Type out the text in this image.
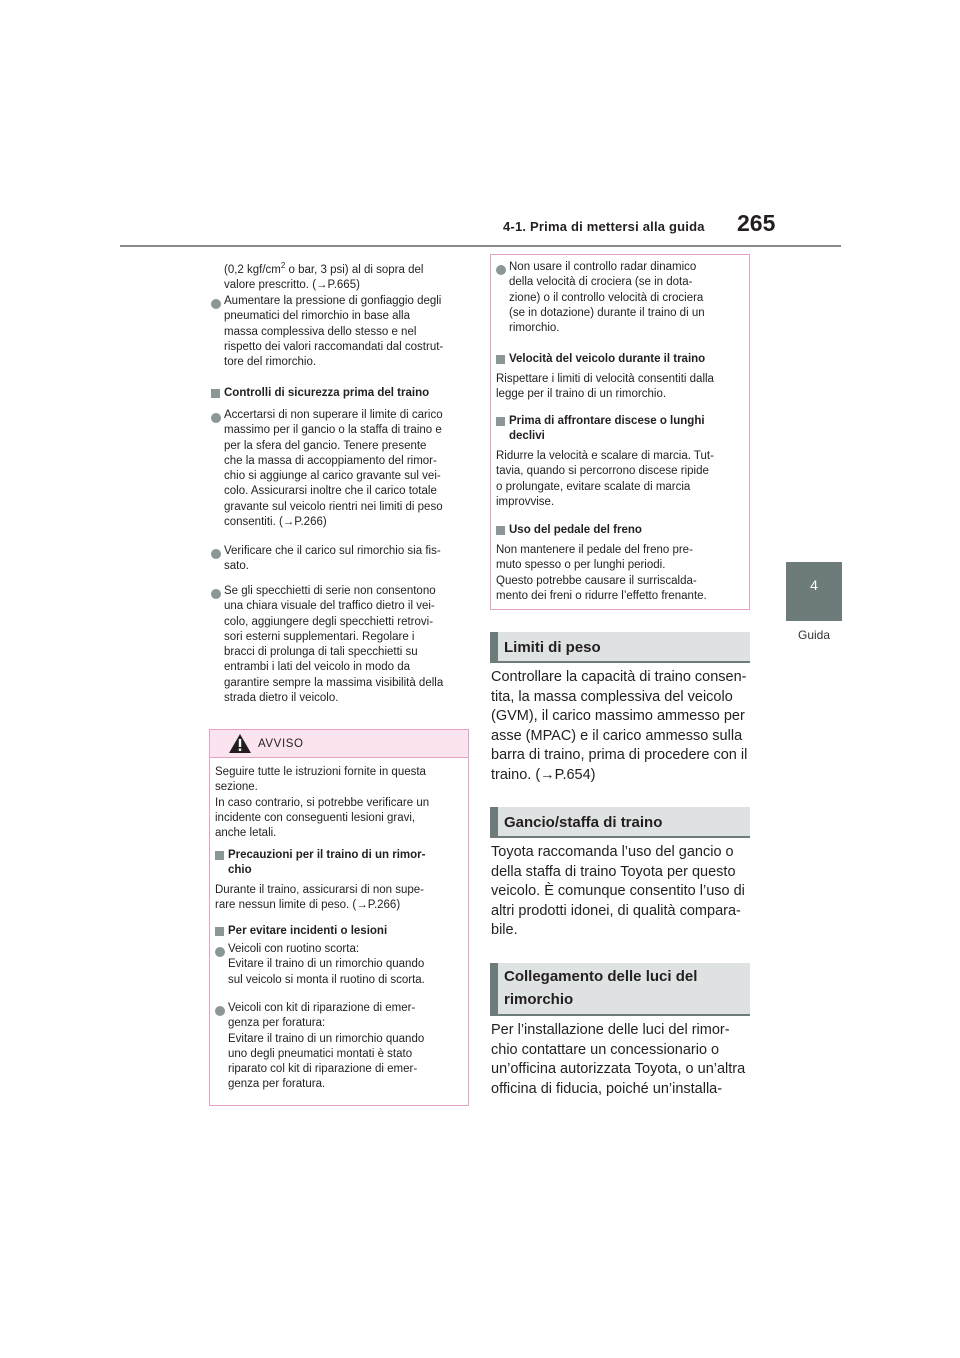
4-1. Prima di mettersi alla guida 265
4
Guida
(0,2 kgf/$cm^2$ o bar, 3 psi) al di sopra del
valore prescritto. (→P.665)
Aumentare la pressione di gonfiaggio degli
pneumatici del rimorchio in base alla
massa complessiva dello stesso e nel
rispetto dei valori raccomandati dal costrut-
tore del rimorchio.
Controlli di sicurezza prima del traino
Accertarsi di non superare il limite di carico
massimo per il gancio o la staffa di traino e
per la sfera del gancio. Tenere presente
che la massa di accoppiamento del rimor-
chio si aggiunge al carico gravante sul vei-
colo. Assicurarsi inoltre che il carico totale
gravante sul veicolo rientri nei limiti di peso
consentiti. (→P.266)
Verificare che il carico sul rimorchio sia fis-
sato.
Se gli specchietti di serie non consentono
una chiara visuale del traffico dietro il vei-
colo, aggiungere degli specchietti retrovi-
sori esterni supplementari. Regolare i
bracci di prolunga di tali specchietti su
entrambi i lati del veicolo in modo da
garantire sempre la massima visibilità della
strada dietro il veicolo.
AVVISO
Seguire tutte le istruzioni fornite in questa
sezione.
In caso contrario, si potrebbe verificare un
incidente con conseguenti lesioni gravi,
anche letali.
Precauzioni per il traino di un rimor-
chio
Durante il traino, assicurarsi di non supe-
rare nessun limite di peso. (→P.266)
Per evitare incidenti o lesioni
Veicoli con ruotino scorta:
Evitare il traino di un rimorchio quando
sul veicolo si monta il ruotino di scorta.
Veicoli con kit di riparazione di emer-
genza per foratura:
Evitare il traino di un rimorchio quando
uno degli pneumatici montati è stato
riparato col kit di riparazione di emer-
genza per foratura.
Non usare il controllo radar dinamico
della velocità di crociera (se in dota-
zione) o il controllo velocità di crociera
(se in dotazione) durante il traino di un
rimorchio.
Velocità del veicolo durante il traino
Rispettare i limiti di velocità consentiti dalla
legge per il traino di un rimorchio.
Prima di affrontare discese o lunghi
declivi
Ridurre la velocità e scalare di marcia. Tut-
tavia, quando si percorrono discese ripide
o prolungate, evitare scalate di marcia
improvvise.
Uso del pedale del freno
Non mantenere il pedale del freno pre-
muto spesso o per lunghi periodi.
Questo potrebbe causare il surriscalda-
mento dei freni o ridurre l’effetto frenante.
Limiti di peso
Controllare la capacità di traino consen-
tita, la massa complessiva del veicolo
(GVM), il carico massimo ammesso per
asse (MPAC) e il carico ammesso sulla
barra di traino, prima di procedere con il
traino. (→P.654)
Gancio/staffa di traino
Toyota raccomanda l’uso del gancio o
della staffa di traino Toyota per questo
veicolo. È comunque consentito l’uso di
altri prodotti idonei, di qualità compara-
bile.
Collegamento delle luci del
rimorchio
Per l’installazione delle luci del rimor-
chio contattare un concessionario o
un’officina autorizzata Toyota, o un’altra
officina di fiducia, poiché un’installa-
